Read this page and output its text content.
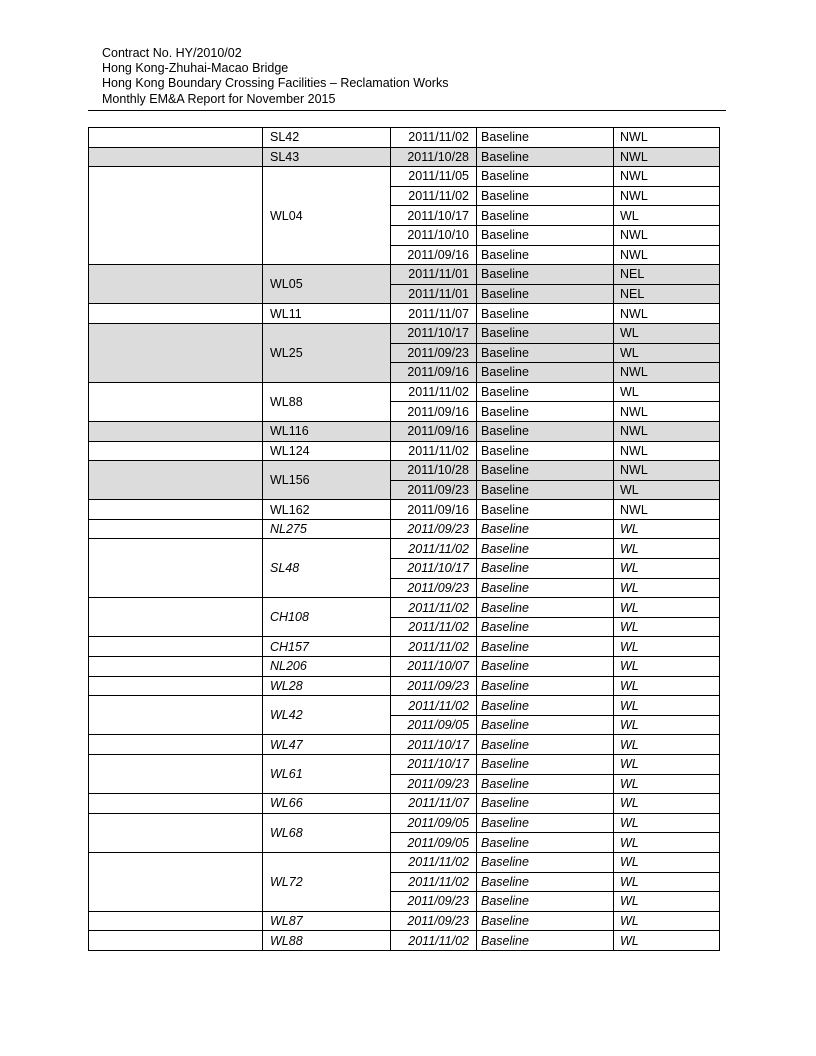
Contract No. HY/2010/02
Hong Kong-Zhuhai-Macao Bridge
Hong Kong Boundary Crossing Facilities – Reclamation Works
Monthly EM&A Report for November 2015
	SL42	2011/11/02	Baseline	NWL
	SL43	2011/10/28	Baseline	NWL
	WL04	2011/11/05	Baseline	NWL
		2011/11/02	Baseline	NWL
		2011/10/17	Baseline	WL
		2011/10/10	Baseline	NWL
		2011/09/16	Baseline	NWL
	WL05	2011/11/01	Baseline	NEL
		2011/11/01	Baseline	NEL
	WL11	2011/11/07	Baseline	NWL
	WL25	2011/10/17	Baseline	WL
		2011/09/23	Baseline	WL
		2011/09/16	Baseline	NWL
	WL88	2011/11/02	Baseline	WL
		2011/09/16	Baseline	NWL
	WL116	2011/09/16	Baseline	NWL
	WL124	2011/11/02	Baseline	NWL
	WL156	2011/10/28	Baseline	NWL
		2011/09/23	Baseline	WL
	WL162	2011/09/16	Baseline	NWL
	NL275	2011/09/23	Baseline	WL
	SL48	2011/11/02	Baseline	WL
		2011/10/17	Baseline	WL
		2011/09/23	Baseline	WL
	CH108	2011/11/02	Baseline	WL
		2011/11/02	Baseline	WL
	CH157	2011/11/02	Baseline	WL
	NL206	2011/10/07	Baseline	WL
	WL28	2011/09/23	Baseline	WL
	WL42	2011/11/02	Baseline	WL
		2011/09/05	Baseline	WL
	WL47	2011/10/17	Baseline	WL
	WL61	2011/10/17	Baseline	WL
		2011/09/23	Baseline	WL
	WL66	2011/11/07	Baseline	WL
	WL68	2011/09/05	Baseline	WL
		2011/09/05	Baseline	WL
	WL72	2011/11/02	Baseline	WL
		2011/11/02	Baseline	WL
		2011/09/23	Baseline	WL
	WL87	2011/09/23	Baseline	WL
	WL88	2011/11/02	Baseline	WL
